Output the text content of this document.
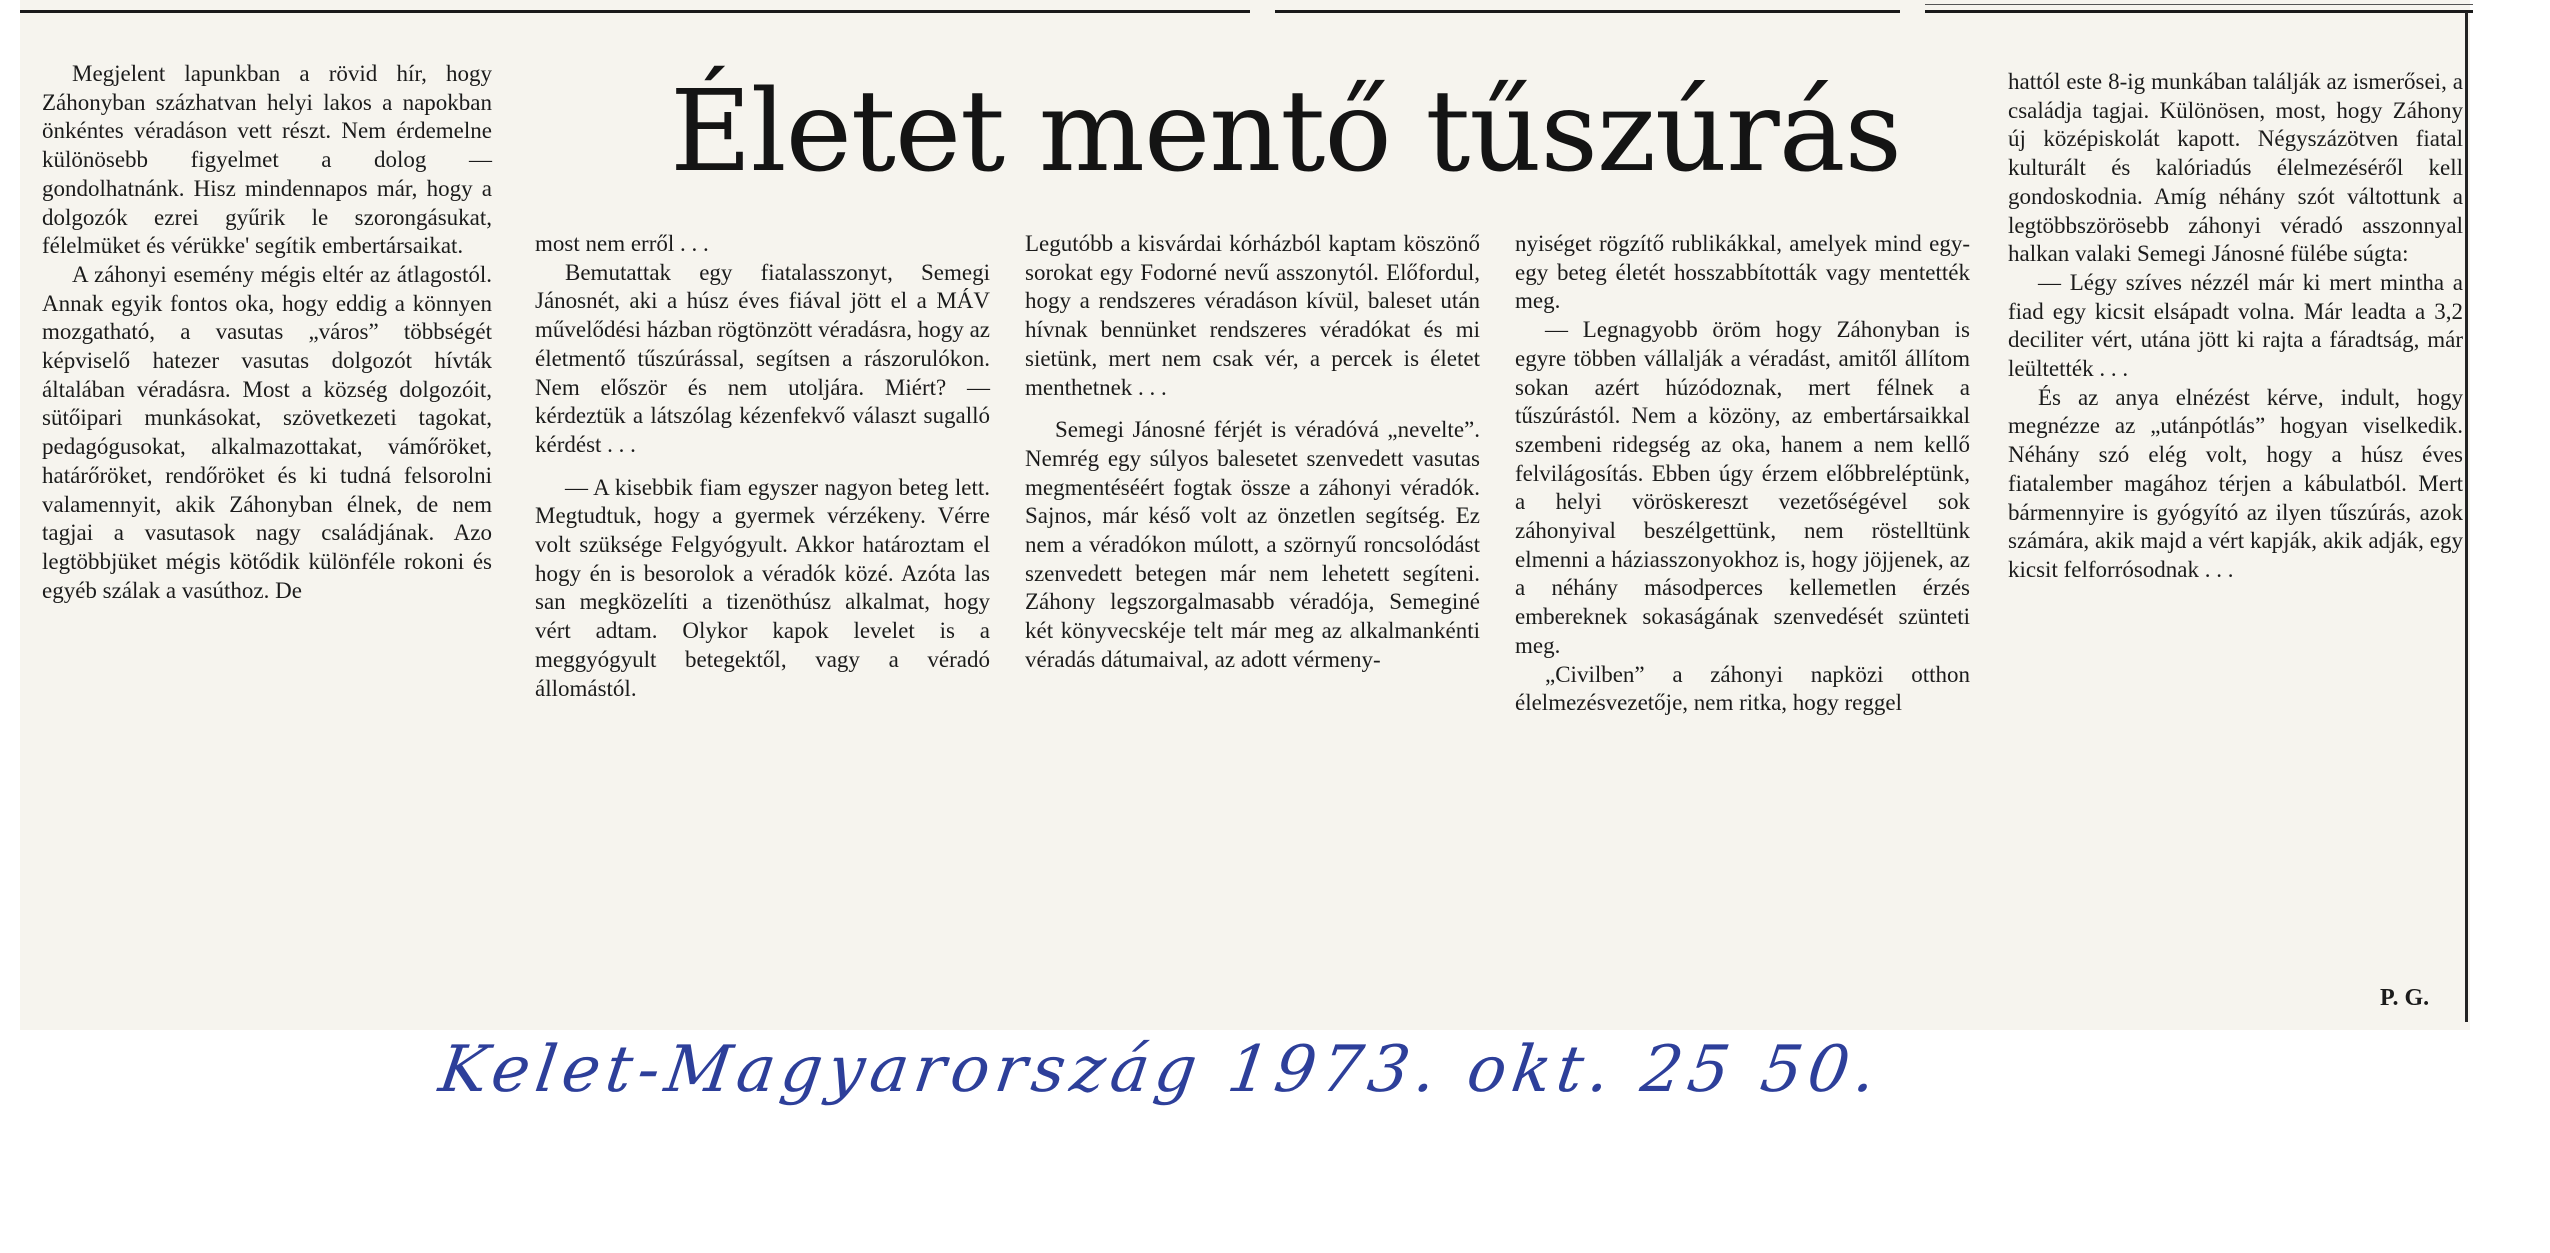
Életet mentő tűszúrás

Megjelent lapunkban a rövid hír, hogy Záhonyban százhatvan helyi lakos a napokban önkéntes véradáson vett részt. Nem érdemelne különösebb figyelmet a dolog — gondolhatnánk. Hisz mindennapos már, hogy a dolgozók ezrei gyűrik le szorongásukat, félelmüket és vérükke' segítik embertársaikat.

A záhonyi esemény mégis eltér az átlagostól. Annak egyik fontos oka, hogy eddig a könnyen mozgatható, a vasutas „város” többségét képviselő hatezer vasutas dolgozót hívták általában véradásra. Most a község dolgozóit, sütőipari munkásokat, szövetkezeti tagokat, pedagógusokat, alkalmazottakat, vámőröket, határőröket, rendőröket és ki tudná felsorolni valamennyit, akik Záhonyban élnek, de nem tagjai a vasutasok nagy családjának. Azo legtöbbjüket mégis kötődik különféle rokoni és egyéb szálak a vasúthoz. De

most nem erről . . .

Bemutattak egy fiatalasszonyt, Semegi Jánosnét, aki a húsz éves fiával jött el a MÁV művelődési házban rögtönzött véradásra, hogy az életmentő tűszúrással, segítsen a rászorulókon. Nem először és nem utoljára. Miért? — kérdeztük a látszólag kézenfekvő választ sugalló kérdést . . .

— A kisebbik fiam egyszer nagyon beteg lett. Megtudtuk, hogy a gyermek vérzékeny. Vérre volt szüksége Felgyógyult. Akkor határoztam el hogy én is besorolok a véradók közé. Azóta las san megközelíti a tizenöthúsz alkalmat, hogy vért adtam. Olykor kapok levelet is a meggyógyult betegektől, vagy a véradó állomástól.

Legutóbb a kisvárdai kórházból kaptam köszönő sorokat egy Fodorné nevű asszonytól. Előfordul, hogy a rendszeres véradáson kívül, baleset után hívnak bennünket rendszeres véradókat és mi sietünk, mert nem csak vér, a percek is életet menthetnek . . .

Semegi Jánosné férjét is véradóvá „nevelte”. Nemrég egy súlyos balesetet szenvedett vasutas megmentéséért fogtak össze a záhonyi véradók. Sajnos, már késő volt az önzetlen segítség. Ez nem a véradókon múlott, a szörnyű roncsolódást szenvedett betegen már nem lehetett segíteni. Záhony legszorgalmasabb véradója, Semeginé két könyvecskéje telt már meg az alkalmankénti véradás dátumaival, az adott vérmeny-

nyiséget rögzítő rublikákkal, amelyek mind egy-egy beteg életét hosszabbították vagy mentették meg.

— Legnagyobb öröm hogy Záhonyban is egyre többen vállalják a véradást, amitől állítom sokan azért húzódoznak, mert félnek a tűszúrástól. Nem a közöny, az embertársaikkal szembeni ridegség az oka, hanem a nem kellő felvilágosítás. Ebben úgy érzem előbbreléptünk, a helyi vöröskereszt vezetőségével sok záhonyival beszélgettünk, nem röstelltünk elmenni a háziasszonyokhoz is, hogy jöjjenek, az a néhány másodperces kellemetlen érzés embereknek sokaságának szenvedését szünteti meg.

„Civilben” a záhonyi napközi otthon élelmezésvezetője, nem ritka, hogy reggel

hattól este 8-ig munkában találják az ismerősei, a családja tagjai. Különösen, most, hogy Záhony új középiskolát kapott. Négyszázötven fiatal kulturált és kalóriadús élelmezéséről kell gondoskodnia. Amíg néhány szót váltottunk a legtöbbszörösebb záhonyi véradó asszonnyal halkan valaki Semegi Jánosné fülébe súgta:

— Légy szíves nézzél már ki mert mintha a fiad egy kicsit elsápadt volna. Már leadta a 3,2 deciliter vért, utána jött ki rajta a fáradtság, már leültették . . .

És az anya elnézést kérve, indult, hogy megnézze az „utánpótlás” hogyan viselkedik. Néhány szó elég volt, hogy a húsz éves fiatalember magához térjen a kábulatból. Mert bármennyire is gyógyító az ilyen tűszúrás, azok számára, akik majd a vért kapják, akik adják, egy kicsit felforrósodnak . . .

P. G.
Kelet-Magyarország 1973. okt. 25 50.
